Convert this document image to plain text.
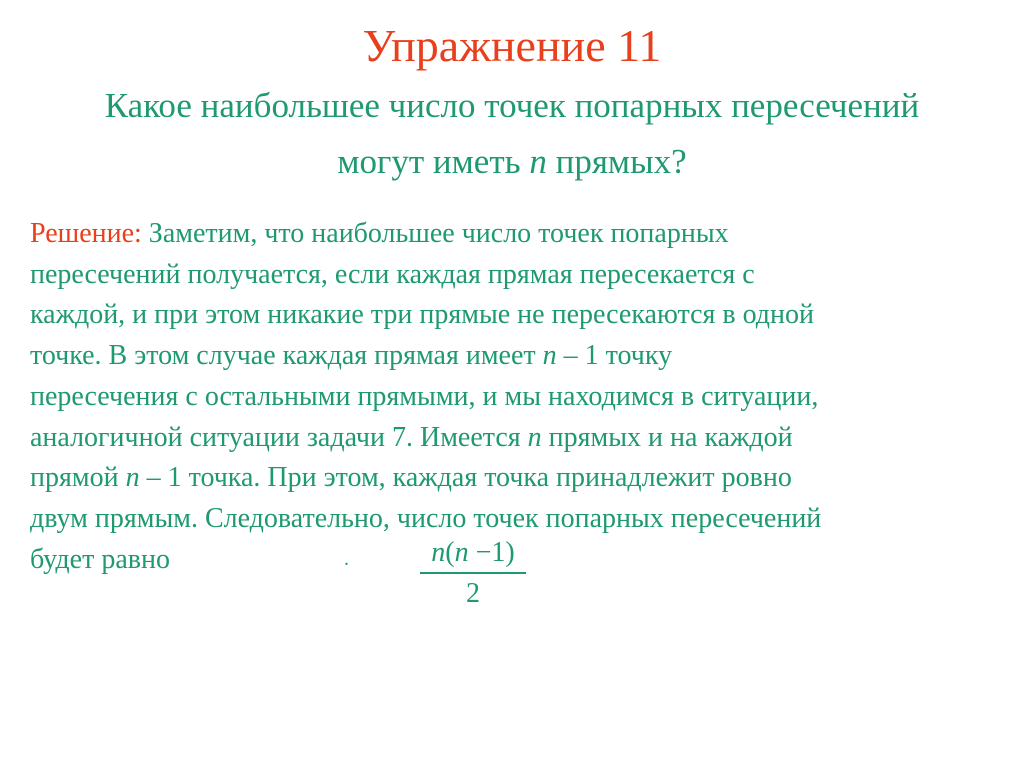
Упражнение 11
Какое наибольшее число точек попарных пересечений
могут иметь n прямых?
Решение: Заметим, что наибольшее число точек попарных
пересечений получается, если каждая прямая пересекается с
каждой, и при этом никакие три прямые не пересекаются в одной
точке. В этом случае каждая прямая имеет n – 1 точку
пересечения с остальными прямыми, и мы находимся в ситуации,
аналогичной ситуации задачи 7. Имеется n прямых и на каждой
прямой n – 1 точка. При этом, каждая точка принадлежит ровно
двум прямым. Следовательно, число точек попарных пересечений
будет равно	.	n(n −1)
2
